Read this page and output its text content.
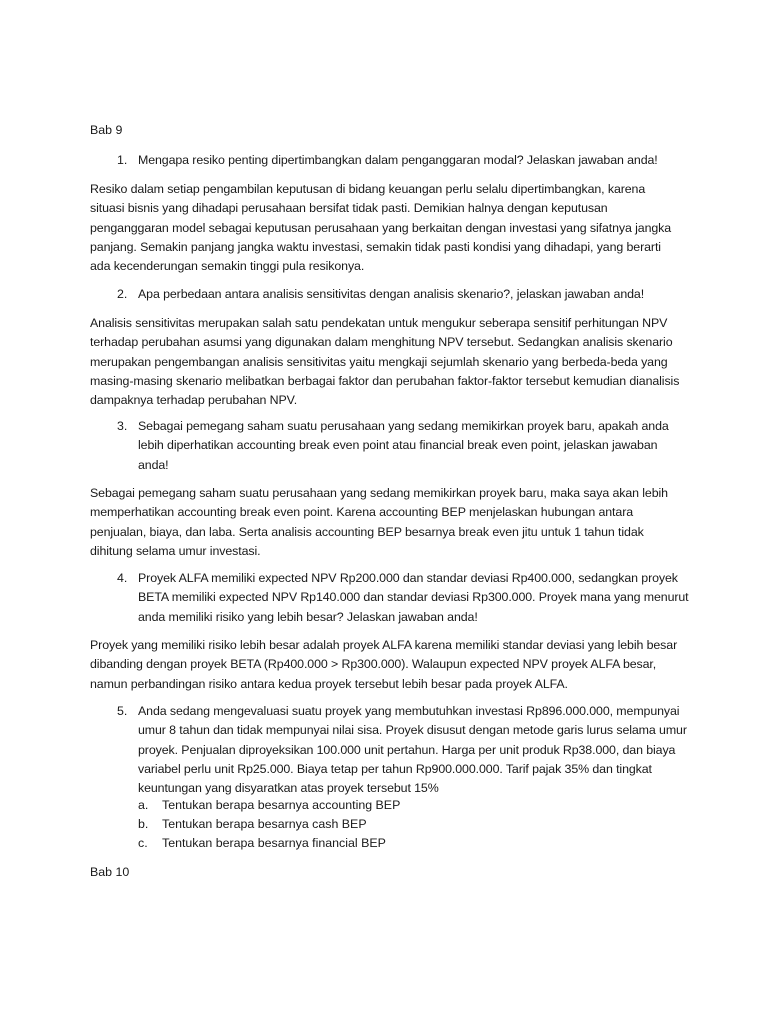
Bab 9
1. Mengapa resiko penting dipertimbangkan dalam penganggaran modal? Jelaskan jawaban anda!
Resiko dalam setiap pengambilan keputusan di bidang keuangan perlu selalu dipertimbangkan, karena situasi bisnis yang dihadapi perusahaan bersifat tidak pasti. Demikian halnya dengan keputusan penganggaran model sebagai keputusan perusahaan yang berkaitan dengan investasi yang sifatnya jangka panjang. Semakin panjang jangka waktu investasi, semakin tidak pasti kondisi yang dihadapi, yang berarti ada kecenderungan semakin tinggi pula resikonya.
2. Apa perbedaan antara analisis sensitivitas dengan analisis skenario?, jelaskan jawaban anda!
Analisis sensitivitas merupakan salah satu pendekatan untuk mengukur seberapa sensitif perhitungan NPV terhadap perubahan asumsi yang digunakan dalam menghitung NPV tersebut. Sedangkan analisis skenario merupakan pengembangan analisis sensitivitas yaitu mengkaji sejumlah skenario yang berbeda-beda yang masing-masing skenario melibatkan berbagai faktor dan perubahan faktor-faktor tersebut kemudian dianalisis dampaknya terhadap perubahan NPV.
3. Sebagai pemegang saham suatu perusahaan yang sedang memikirkan proyek baru, apakah anda lebih diperhatikan accounting break even point atau financial break even point, jelaskan jawaban anda!
Sebagai pemegang saham suatu perusahaan yang sedang memikirkan proyek baru, maka saya akan lebih memperhatikan accounting break even point. Karena accounting BEP menjelaskan hubungan antara penjualan, biaya, dan laba. Serta analisis accounting BEP besarnya break even jitu untuk 1 tahun tidak dihitung selama umur investasi.
4. Proyek ALFA memiliki expected NPV Rp200.000 dan standar deviasi Rp400.000, sedangkan proyek BETA memiliki expected NPV Rp140.000 dan standar deviasi Rp300.000. Proyek mana yang menurut anda memiliki risiko yang lebih besar? Jelaskan jawaban anda!
Proyek yang memiliki risiko lebih besar adalah proyek ALFA karena memiliki standar deviasi yang lebih besar dibanding dengan proyek BETA (Rp400.000 > Rp300.000). Walaupun expected NPV proyek ALFA besar, namun perbandingan risiko antara kedua proyek tersebut lebih besar pada proyek ALFA.
5. Anda sedang mengevaluasi suatu proyek yang membutuhkan investasi Rp896.000.000, mempunyai umur 8 tahun dan tidak mempunyai nilai sisa. Proyek disusut dengan metode garis lurus selama umur proyek. Penjualan diproyeksikan 100.000 unit pertahun. Harga per unit produk Rp38.000, dan biaya variabel perlu unit Rp25.000. Biaya tetap per tahun Rp900.000.000. Tarif pajak 35% dan tingkat keuntungan yang disyaratkan atas proyek tersebut 15%
a. Tentukan berapa besarnya accounting BEP
b. Tentukan berapa besarnya cash BEP
c. Tentukan berapa besarnya financial BEP
Bab 10
